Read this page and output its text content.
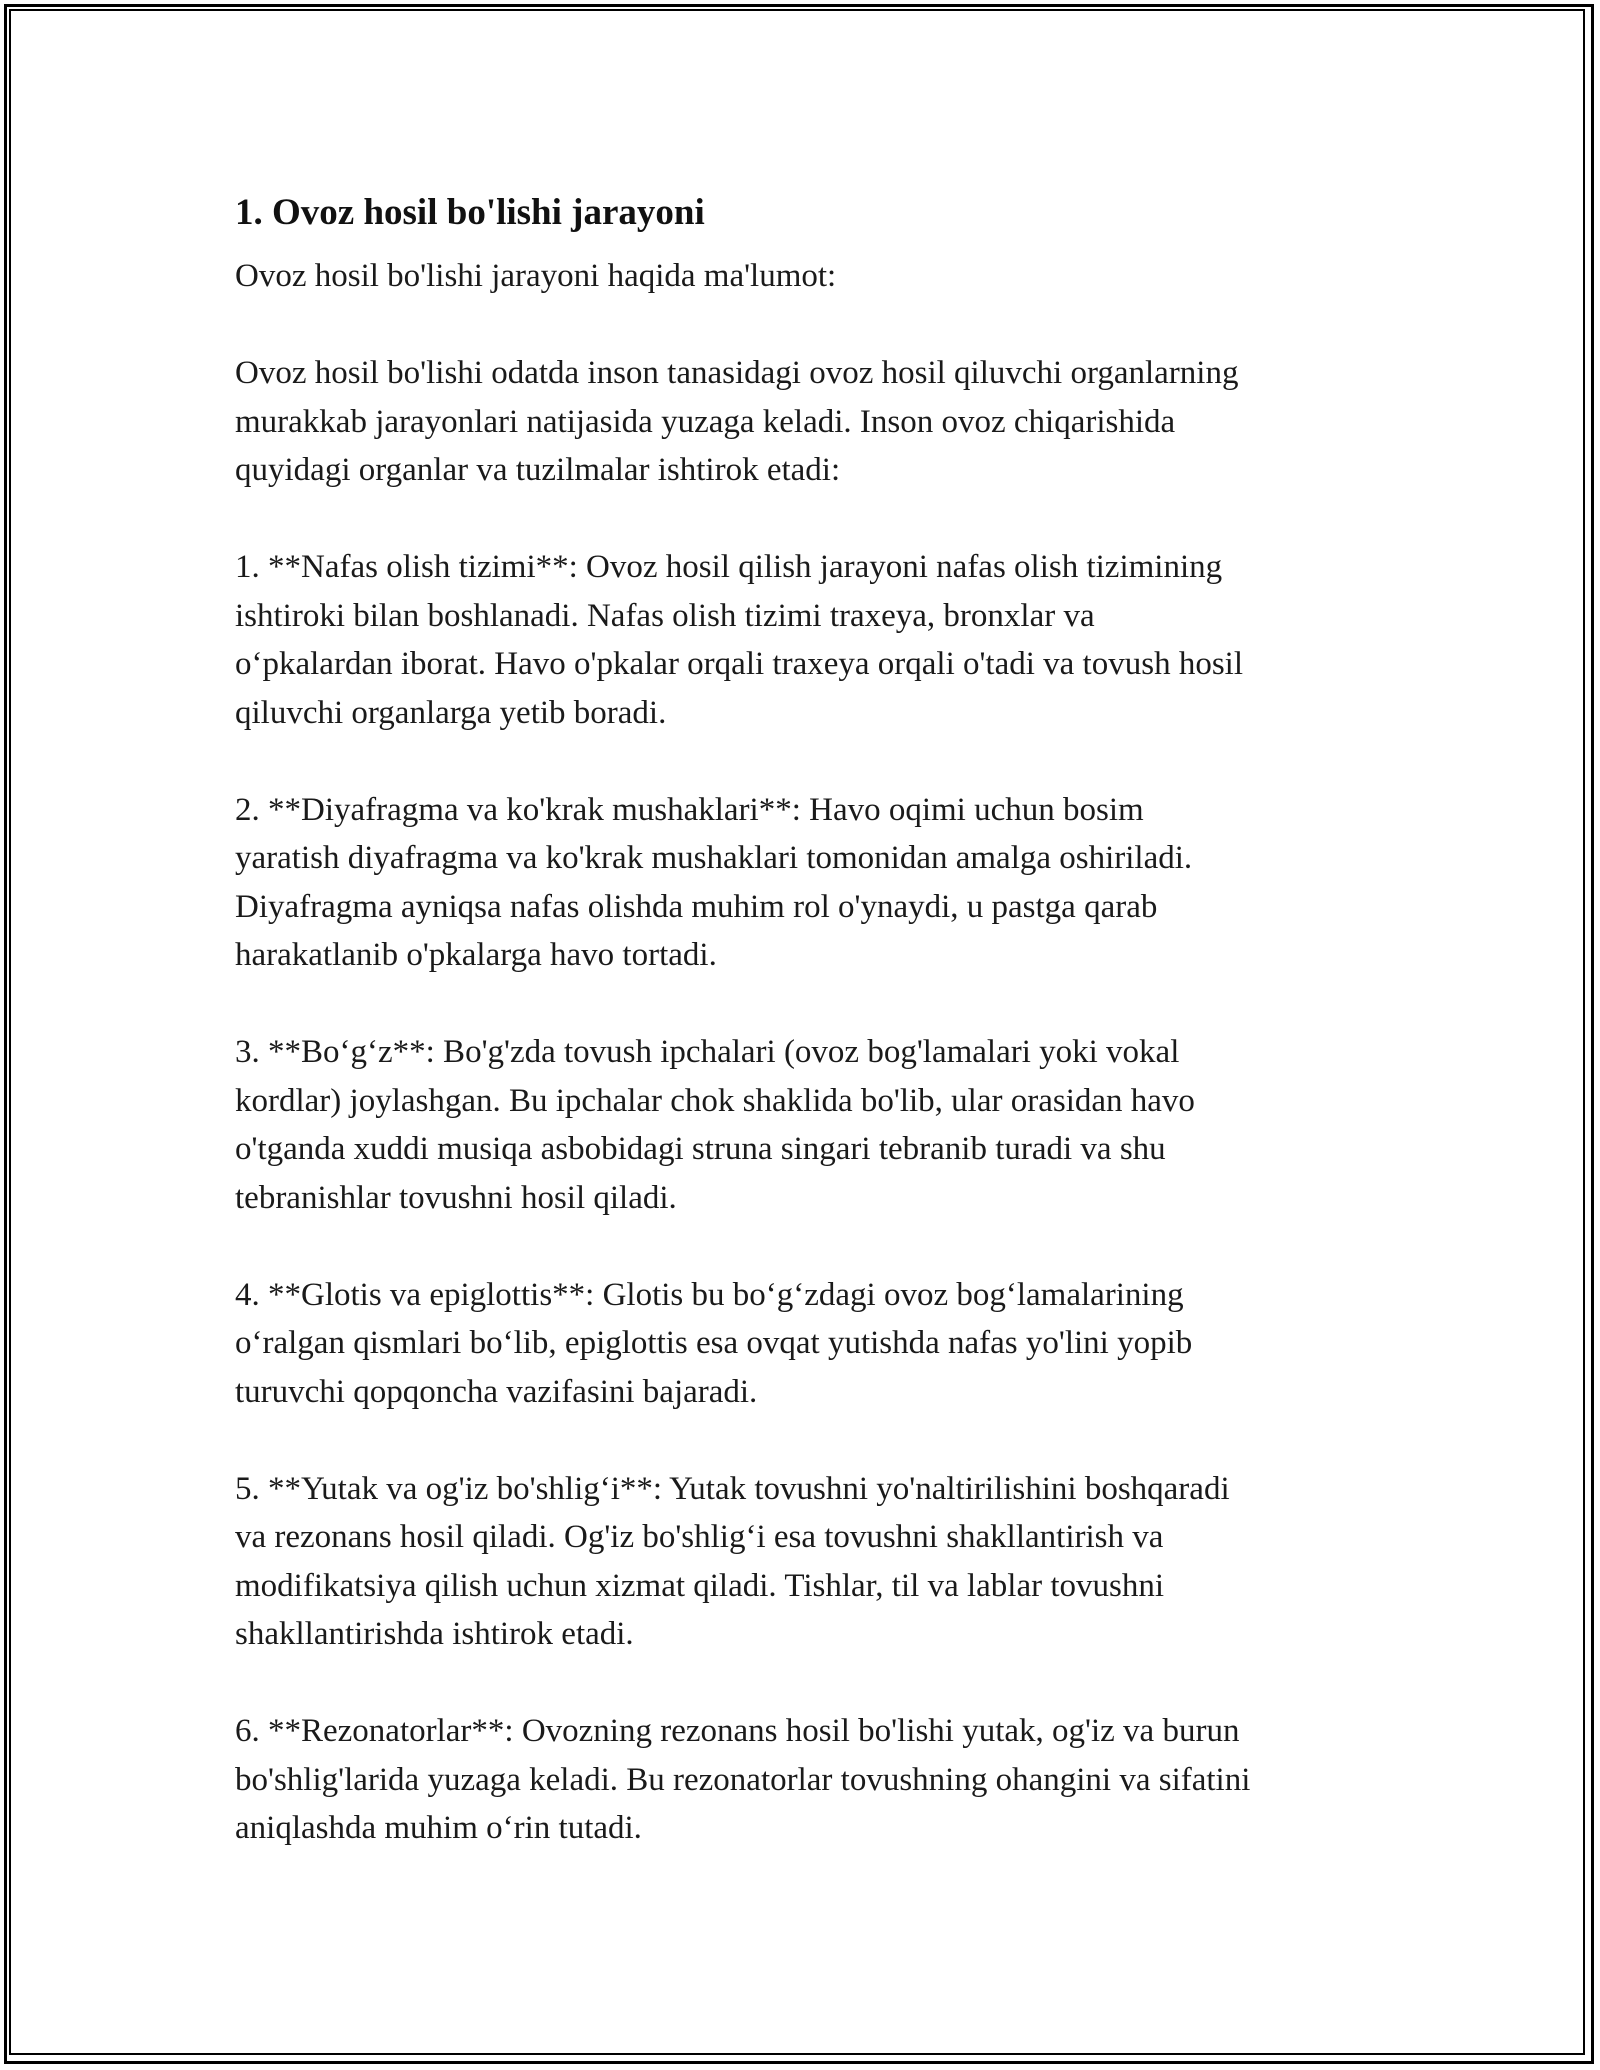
1. Ovoz hosil bo'lishi jarayoni

Ovoz hosil bo'lishi jarayoni haqida ma'lumot:

Ovoz hosil bo'lishi odatda inson tanasidagi ovoz hosil qiluvchi organlarning
murakkab jarayonlari natijasida yuzaga keladi. Inson ovoz chiqarishida
quyidagi organlar va tuzilmalar ishtirok etadi:

1. **Nafas olish tizimi**: Ovoz hosil qilish jarayoni nafas olish tizimining
ishtiroki bilan boshlanadi. Nafas olish tizimi traxeya, bronxlar va
o‘pkalardan iborat. Havo o'pkalar orqali traxeya orqali o'tadi va tovush hosil
qiluvchi organlarga yetib boradi.

2. **Diyafragma va ko'krak mushaklari**: Havo oqimi uchun bosim
yaratish diyafragma va ko'krak mushaklari tomonidan amalga oshiriladi.
Diyafragma ayniqsa nafas olishda muhim rol o'ynaydi, u pastga qarab
harakatlanib o'pkalarga havo tortadi.

3. **Bo‘g‘z**: Bo'g'zda tovush ipchalari (ovoz bog'lamalari yoki vokal
kordlar) joylashgan. Bu ipchalar chok shaklida bo'lib, ular orasidan havo
o'tganda xuddi musiqa asbobidagi struna singari tebranib turadi va shu
tebranishlar tovushni hosil qiladi.

4. **Glotis va epiglottis**: Glotis bu bo‘g‘zdagi ovoz bog‘lamalarining
o‘ralgan qismlari bo‘lib, epiglottis esa ovqat yutishda nafas yo'lini yopib
turuvchi qopqoncha vazifasini bajaradi.

5. **Yutak va og'iz bo'shlig‘i**: Yutak tovushni yo'naltirilishini boshqaradi
va rezonans hosil qiladi. Og'iz bo'shlig‘i esa tovushni shakllantirish va
modifikatsiya qilish uchun xizmat qiladi. Tishlar, til va lablar tovushni
shakllantirishda ishtirok etadi.

6. **Rezonatorlar**: Ovozning rezonans hosil bo'lishi yutak, og'iz va burun
bo'shlig'larida yuzaga keladi. Bu rezonatorlar tovushning ohangini va sifatini
aniqlashda muhim o‘rin tutadi.
